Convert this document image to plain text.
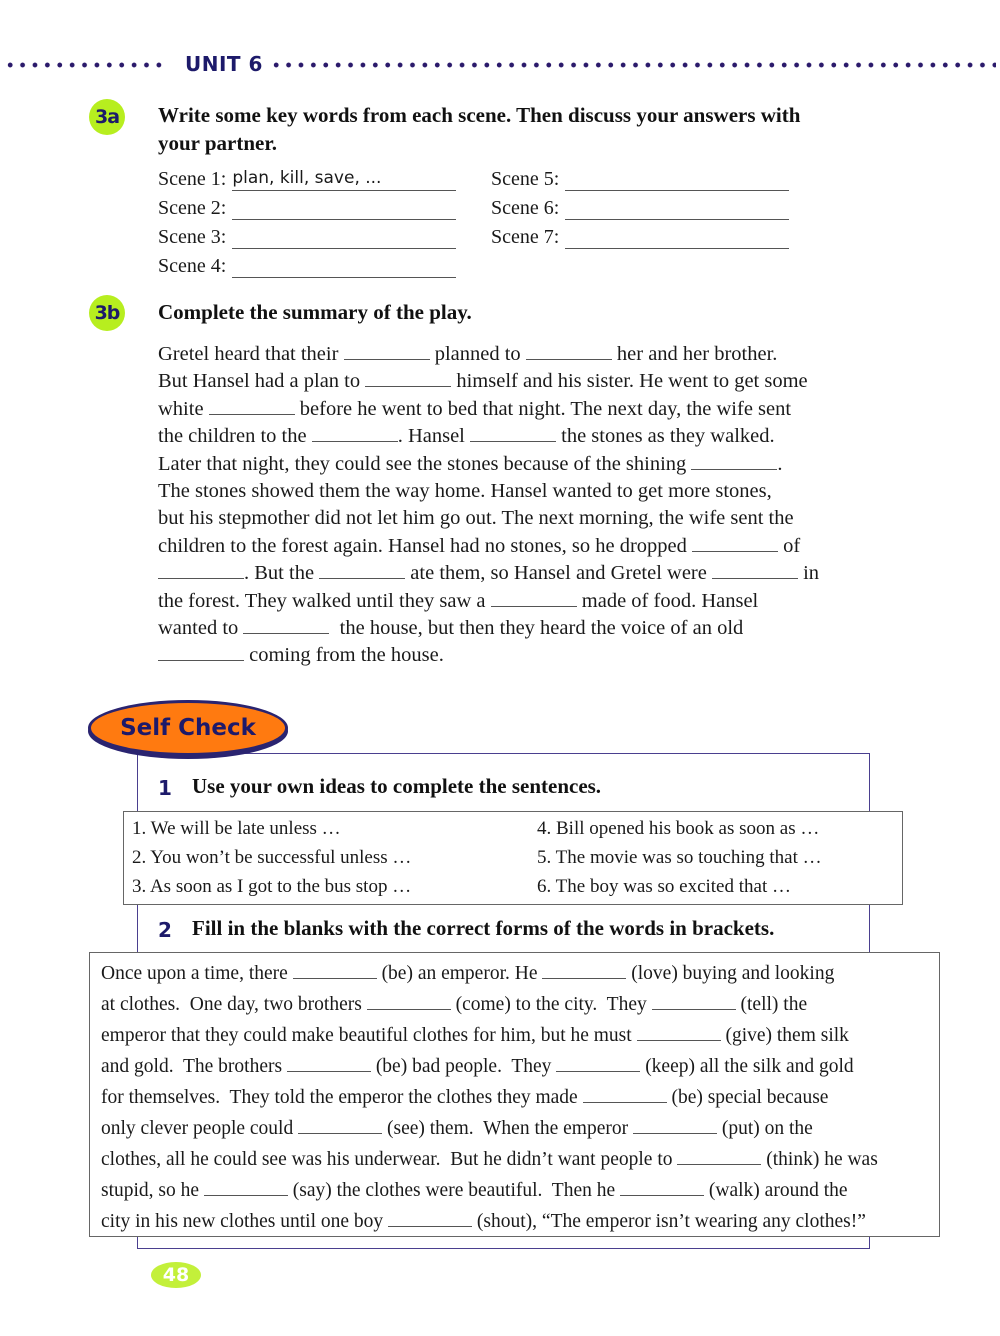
UNIT 6
3a Write some key words from each scene. Then discuss your answers with
your partner.
Scene 1: plan, kill, save, ...
Scene 2:
Scene 3:
Scene 4:
Scene 5:
Scene 6:
Scene 7:
3b Complete the summary of the play.
Gretel heard that their	planned to	her and her brother.
But Hansel had a plan to	himself and his sister. He went to get some
white	before he went to bed that night. The next day, the wife sent
the children to the	. Hansel	the stones as they walked.
Later that night, they could see the stones because of the shining	.
The stones showed them the way home. Hansel wanted to get more stones,
but his stepmother did not let him go out. The next morning, the wife sent the
children to the forest again. Hansel had no stones, so he dropped	of
. But the	ate them, so Hansel and Gretel were	in
the forest. They walked until they saw a	made of food. Hansel
wanted to	the house, but then they heard the voice of an old
coming from the house.
Self Check
1 Use your own ideas to complete the sentences.
1. We will be late unless …
2. You won’t be successful unless …
3. As soon as I got to the bus stop …
4. Bill opened his book as soon as …
5. The movie was so touching that …
6. The boy was so excited that …
2 Fill in the blanks with the correct forms of the words in brackets.
Once upon a time, there	(be) an emperor. He	(love) buying and looking
at clothes.  One day, two brothers	(come) to the city.  They	(tell) the
emperor that they could make beautiful clothes for him, but he must	(give) them silk
and gold.  The brothers	(be) bad people.  They	(keep) all the silk and gold
for themselves.  They told the emperor the clothes they made	(be) special because
only clever people could	(see) them.  When the emperor	(put) on the
clothes, all he could see was his underwear.  But he didn’t want people to	(think) he was
stupid, so he	(say) the clothes were beautiful.  Then he	(walk) around the
city in his new clothes until one boy	(shout), “The emperor isn’t wearing any clothes!”
48
